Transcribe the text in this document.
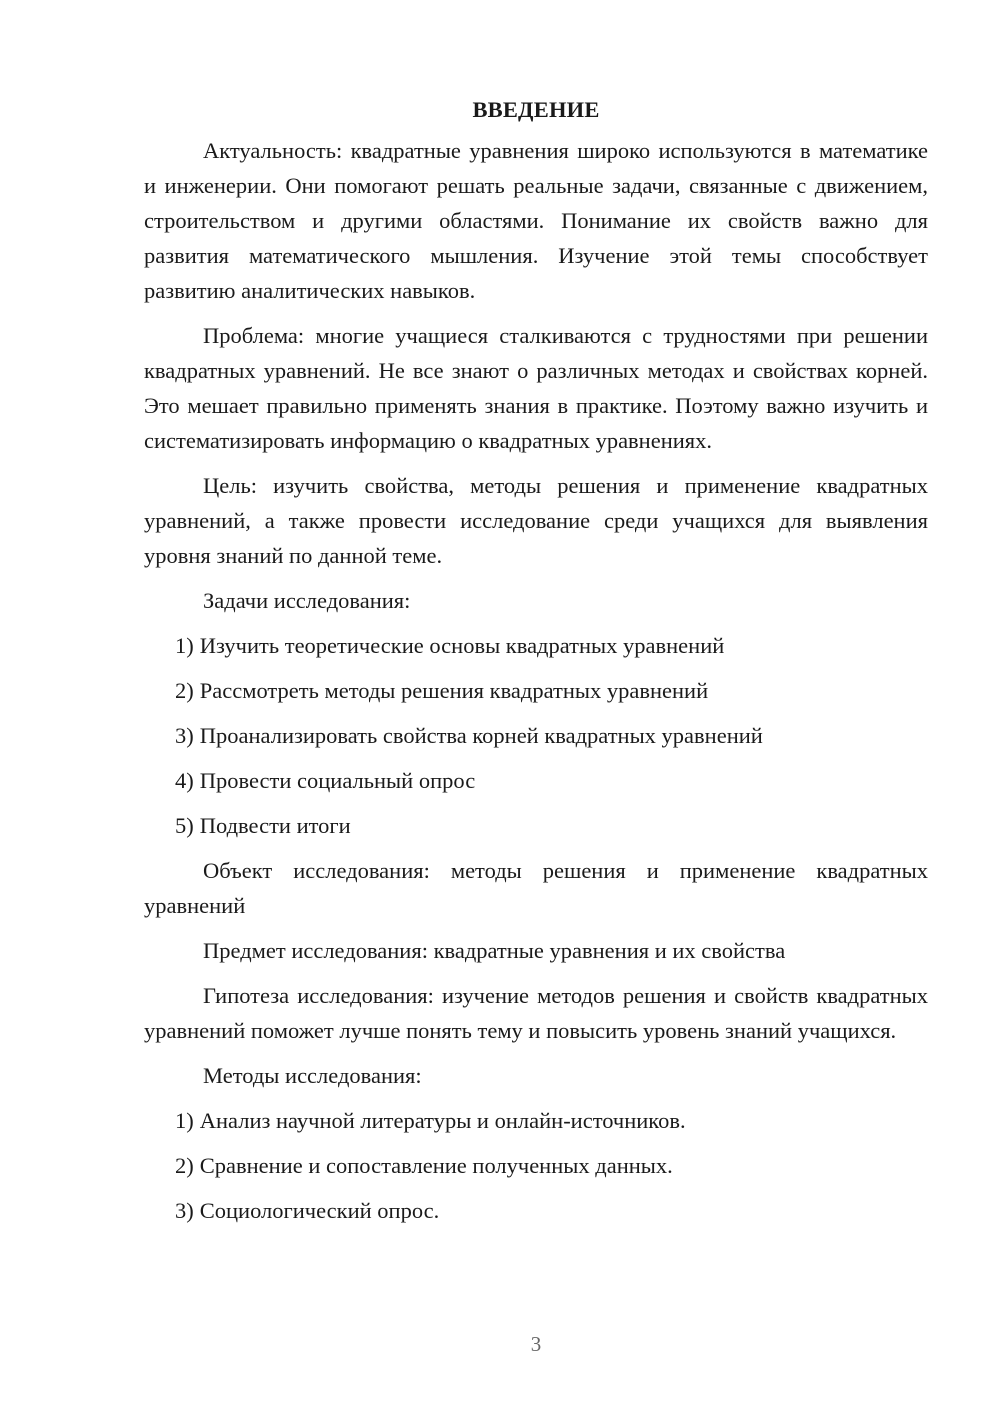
ВВЕДЕНИЕ

Актуальность: квадратные уравнения широко используются в математике и инженерии. Они помогают решать реальные задачи, связанные с движением, строительством и другими областями. Понимание их свойств важно для развития математического мышления. Изучение этой темы способствует развитию аналитических навыков.

Проблема: многие учащиеся сталкиваются с трудностями при решении квадратных уравнений. Не все знают о различных методах и свойствах корней. Это мешает правильно применять знания в практике. Поэтому важно изучить и систематизировать информацию о квадратных уравнениях.

Цель: изучить свойства, методы решения и применение квадратных уравнений, а также провести исследование среди учащихся для выявления уровня знаний по данной теме.

Задачи исследования:

1) Изучить теоретические основы квадратных уравнений
2) Рассмотреть методы решения квадратных уравнений
3) Проанализировать свойства корней квадратных уравнений
4) Провести социальный опрос
5) Подвести итоги

Объект исследования: методы решения и применение квадратных уравнений

Предмет исследования: квадратные уравнения и их свойства

Гипотеза исследования: изучение методов решения и свойств квадратных уравнений поможет лучше понять тему и повысить уровень знаний учащихся.

Методы исследования:

1) Анализ научной литературы и онлайн-источников.
2) Сравнение и сопоставление полученных данных.
3) Социологический опрос.
3
